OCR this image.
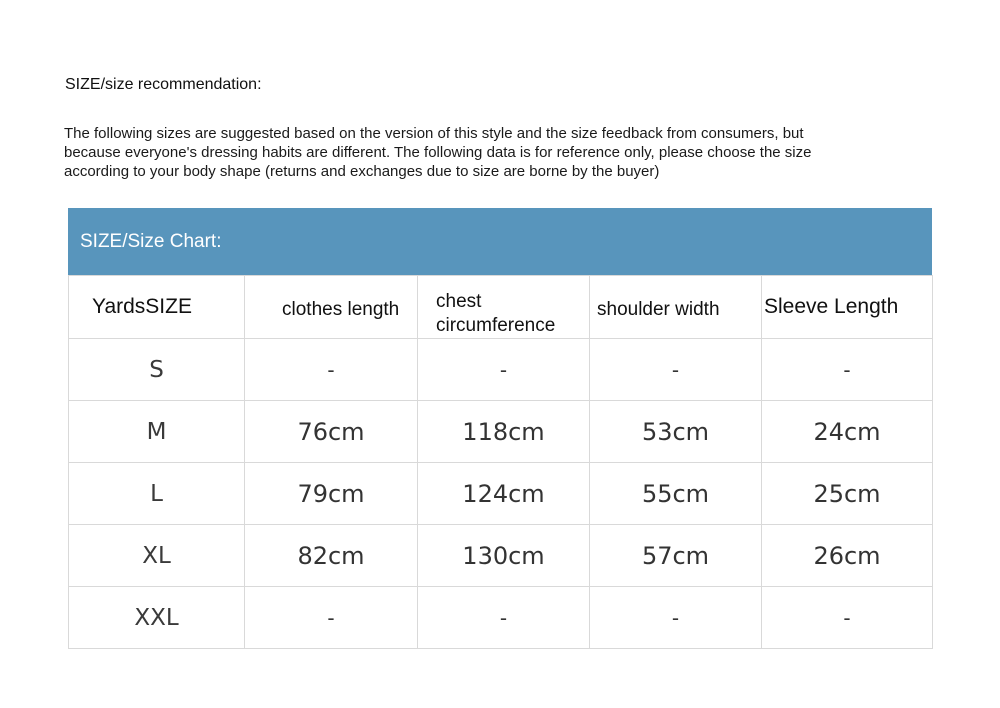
SIZE/size recommendation:
The following sizes are suggested based on the version of this style and the size feedback from consumers, but
because everyone's dressing habits are different. The following data is for reference only, please choose the size
according to your body shape (returns and exchanges due to size are borne by the buyer)
SIZE/Size Chart:
YardsSIZE	clothes length	chest
circumference	shoulder width	Sleeve Length
S	-	-	-	-
M	76cm	118cm	53cm	24cm
L	79cm	124cm	55cm	25cm
XL	82cm	130cm	57cm	26cm
XXL	-	-	-	-
